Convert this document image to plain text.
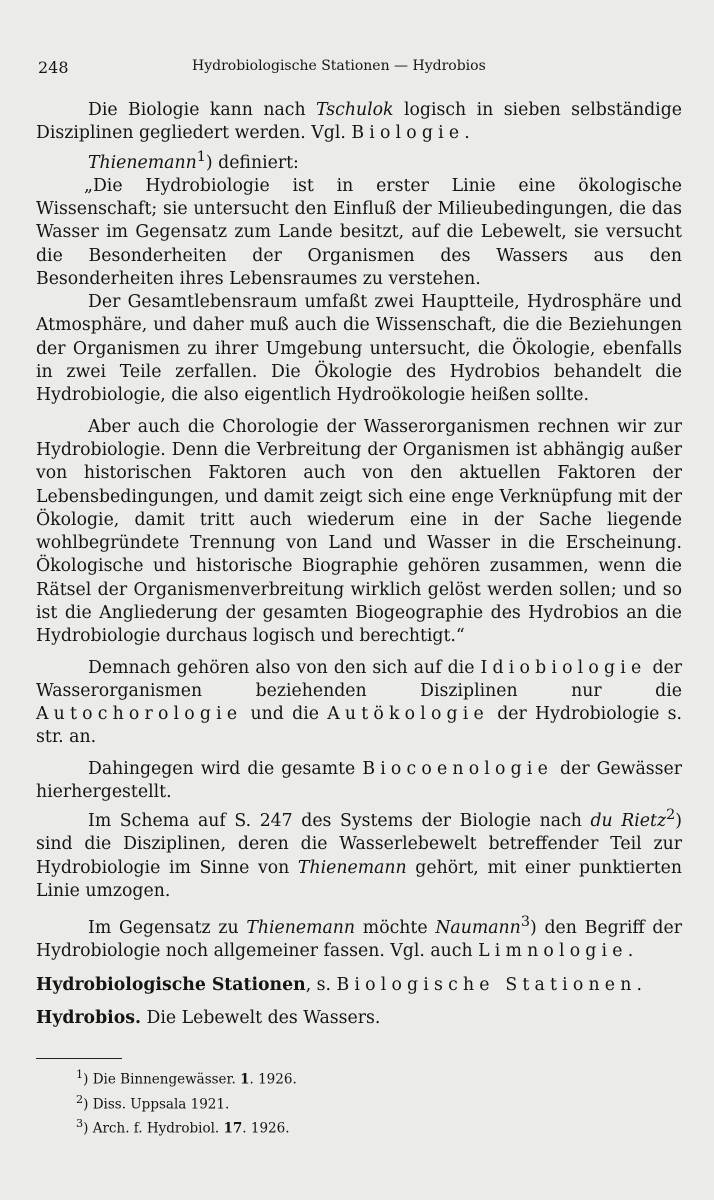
248	Hydrobiologische Stationen — Hydrobios

Die Biologie kann nach Tschulok logisch in sieben selbständige Disziplinen gegliedert werden. Vgl. Biologie.

Thienemann$^1$) definiert:

„Die Hydrobiologie ist in erster Linie eine ökologische Wissenschaft; sie untersucht den Einfluß der Milieubedingungen, die das Wasser im Gegensatz zum Lande besitzt, auf die Lebewelt, sie versucht die Besonderheiten der Organismen des Wassers aus den Besonderheiten ihres Lebensraumes zu verstehen.

Der Gesamtlebensraum umfaßt zwei Hauptteile, Hydrosphäre und Atmosphäre, und daher muß auch die Wissenschaft, die die Beziehungen der Organismen zu ihrer Umgebung untersucht, die Ökologie, ebenfalls in zwei Teile zerfallen. Die Ökologie des Hydrobios behandelt die Hydrobiologie, die also eigentlich Hydroökologie heißen sollte.

Aber auch die Chorologie der Wasserorganismen rechnen wir zur Hydrobiologie. Denn die Verbreitung der Organismen ist abhängig außer von historischen Faktoren auch von den aktuellen Faktoren der Lebensbedingungen, und damit zeigt sich eine enge Verknüpfung mit der Ökologie, damit tritt auch wiederum eine in der Sache liegende wohlbegründete Trennung von Land und Wasser in die Erscheinung. Ökologische und historische Biographie gehören zusammen, wenn die Rätsel der Organismenverbreitung wirklich gelöst werden sollen; und so ist die Angliederung der gesamten Biogeographie des Hydrobios an die Hydrobiologie durchaus logisch und berechtigt.“

Demnach gehören also von den sich auf die Idiobiologie der Wasserorganismen beziehenden Disziplinen nur die Autochorologie und die Autökologie der Hydrobiologie s. str. an.

Dahingegen wird die gesamte Biocoenologie der Gewässer hierhergestellt.

Im Schema auf S. 247 des Systems der Biologie nach du Rietz$^2$) sind die Disziplinen, deren die Wasserlebewelt betreffender Teil zur Hydrobiologie im Sinne von Thienemann gehört, mit einer punktierten Linie umzogen.

Im Gegensatz zu Thienemann möchte Naumann$^3$) den Begriff der Hydrobiologie noch allgemeiner fassen. Vgl. auch Limnologie.

Hydrobiologische Stationen, s. Biologische Stationen.

Hydrobios. Die Lebewelt des Wassers.

$^1$) Die Binnengewässer. 1. 1926.
$^2$) Diss. Uppsala 1921.
$^3$) Arch. f. Hydrobiol. 17. 1926.
